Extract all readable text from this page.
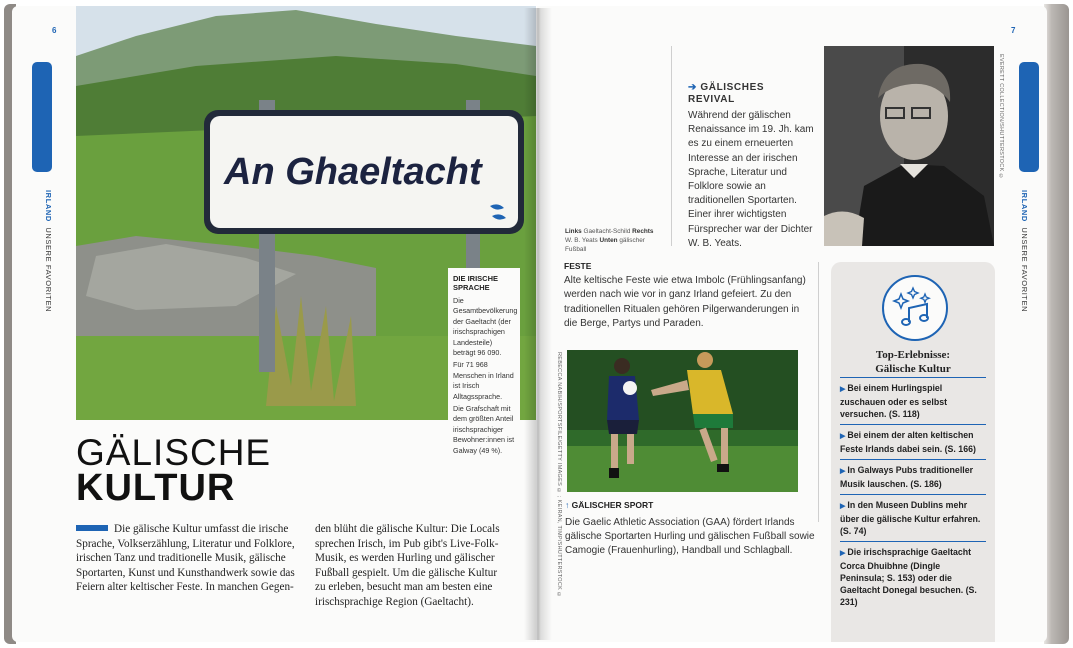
6
IRLAND  UNSERE FAVORITEN
An Ghaeltacht
DIE IRISCHE SPRACHE

Die Gesamtbevölkerung der Gaeltacht (der irischsprachigen Landesteile) beträgt 96 090.

Für 71 968 Menschen in Irland ist Irisch Alltagssprache.

Die Grafschaft mit dem größten Anteil irischsprachiger Bewohner:innen ist Galway (49 %).

GÄLISCHE
KULTUR
Die gälische Kultur umfasst die irische Sprache, Volkserzählung, Literatur und Folklore, irischen Tanz und traditionelle Musik, gälische Sportarten, Kunst und Kunsthandwerk sowie das Feiern alter keltischer Feste. In manchen Gegen-
den blüht die gälische Kultur: Die Locals sprechen Irisch, im Pub gibt's Live-Folk-Musik, es werden Hurling und gälischer Fußball gespielt. Um die gälische Kultur zu erleben, besucht man am besten eine irischsprachige Region (Gaeltacht).
7
IRLAND  UNSERE FAVORITEN
➔ GÄLISCHES
REVIVAL
Während der gälischen Renaissance im 19. Jh. kam es zu einem erneuerten Interesse an der irischen Sprache, Literatur und Folklore sowie an traditionellen Sportarten. Einer ihrer wichtigsten Fürsprecher war der Dichter W. B. Yeats.
EVERETT COLLECTION/SHUTTERSTOCK ©
Links Gaeltacht-Schild Rechts
W. B. Yeats Unten gälischer Fußball
FESTE
Alte keltische Feste wie etwa Imbolc (Frühlingsanfang) werden nach wie vor in ganz Irland gefeiert. Zu den traditionellen Ritualen gehören Pilgerwanderungen in die Berge, Partys und Paraden.
REBECCA NABIH/SPORTSFILE/GETTY IMAGES © ; KEIRAN, TIMP/SHUTTERSTOCK © ↑ GÄLISCHER SPORT
Die Gaelic Athletic Association (GAA) fördert Irlands gälische Sportarten Hurling und gälischen Fußball sowie Camogie (Frauenhurling), Handball und Schlagball.
Top-Erlebnisse:
Gälische Kultur
▶ Bei einem Hurlingspiel zuschauen oder es selbst versuchen. (S. 118)
▶ Bei einem der alten keltischen Feste Irlands dabei sein. (S. 166)
▶ In Galways Pubs traditioneller Musik lauschen. (S. 186)
▶ In den Museen Dublins mehr über die gälische Kultur erfahren. (S. 74)
▶ Die irischsprachige Gaeltacht Corca Dhuibhne (Dingle Peninsula; S. 153) oder die Gaeltacht Donegal besuchen. (S. 231)
